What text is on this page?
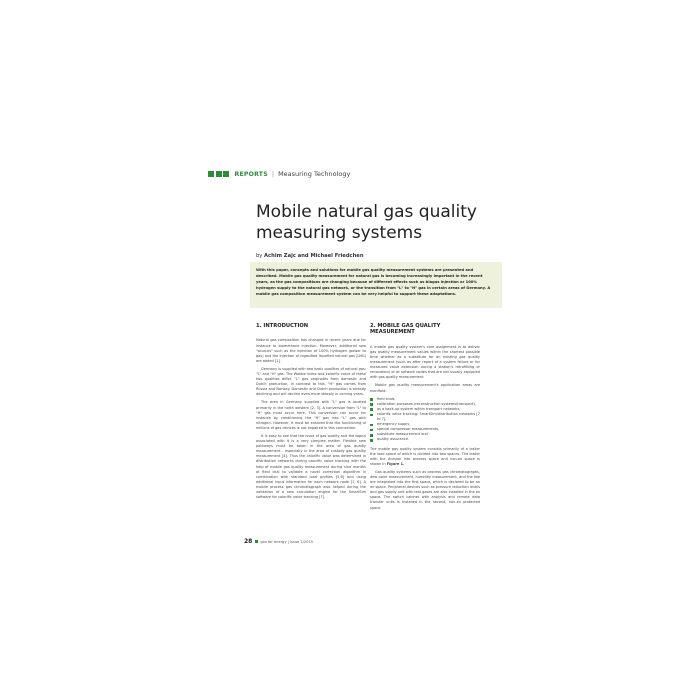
REPORTS | Measuring Technology
Mobile natural gas quality
measuring systems
by Achim Zajc and Michael Friedchen
With this paper, concepts and solutions for mobile gas quality measurement systems are presented and described. Mobile gas quality measurement for natural gas is becoming increasingly important in the recent years, as the gas compositions are changing because of different effects such as biogas injection or 100% hydrogen supply to the natural gas network, or the transition from "L" to "H" gas in certain areas of Germany. A mobile gas composition measurement system can be very helpful to support these adaptations.
1. INTRODUCTION

Natural gas composition has changed in recent years due for instance to biomethane injection. Moreover, additional new "sources" such as the injection of 100% hydrogen (power to gas) and the injection of regasified liquefied natural gas (LNG) are added [1].

Germany is supplied with two basic qualities of natural gas: "L" and "H" gas. The Wobbe index and calorific value of these two qualities differ. "L" gas originates from domestic and Dutch production, in contrast to this, "H" gas comes from Russia and Norway. Domestic and Dutch production is already declining and will decline even more steeply in coming years.

The area in Germany supplied with "L" gas is located primarily in the north western [2, 3]. A conversion from "L" to "H" gas must occur here. This conversion can occur for instance by conditioning the "H" gas into "L" gas with nitrogen. However, it must be ensured that the functioning of millions of gas devices is not impaired in this connection.

It is easy to see that the issue of gas quality and the topics associated with it is a very complex matter. Flexible new pathways must be taken in the area of gas quality measurement - especially in the area of custody gas quality measurement [4]. Thus the calorific value was determined in distribution networks during calorific value tracking with the help of mobile gas quality measurement during nine months of field trial to validate a novel correction algorithm in combination with standard load profiles [5,6] and using additional input information for each network node [1, 6]. A mobile process gas chromatograph also helped during the validation of a new calculation engine for the SmartSim software for calorific value tracking [7].

2. MOBILE GAS QUALITY
MEASUREMENT

A mobile gas quality system's core assignment is to deliver gas quality measurement values within the shortest possible time whether as a substitute for an existing gas quality measurement (such as after report of a system failure or for measured value extension during a station's retrofitting or renovation) or at network nodes that are not usually equipped with gas quality measurement.

Mobile gas quality measurement's application areas are manifold:

field trials,
calibration purposes (reconstruction systems/transport),
as a back-up system within transport networks,
calorific value tracking: SmartSim/distribution networks [7 to 7],
emergency supply,
special compressor measurements,
substitute measurement and
quality assurance.

The mobile gas quality system consists primarily of a trailer the load space of which is divided into two spaces. The trailer with the division into process space and non-ex space is shown in Figure 1.

Gas quality systems such as process gas chromatographs, dew point measurement, humidity measurement, and the like are integrated into the first space, which is declared to be an ex space. Peripheral devices such as pressure reduction levels and gas supply unit with test gases are also installed in the ex space. The switch cabinet with analysis and remote data transfer units is installed in the second, non-ex protected space.

28 gas for energy | Issue 2/2015
